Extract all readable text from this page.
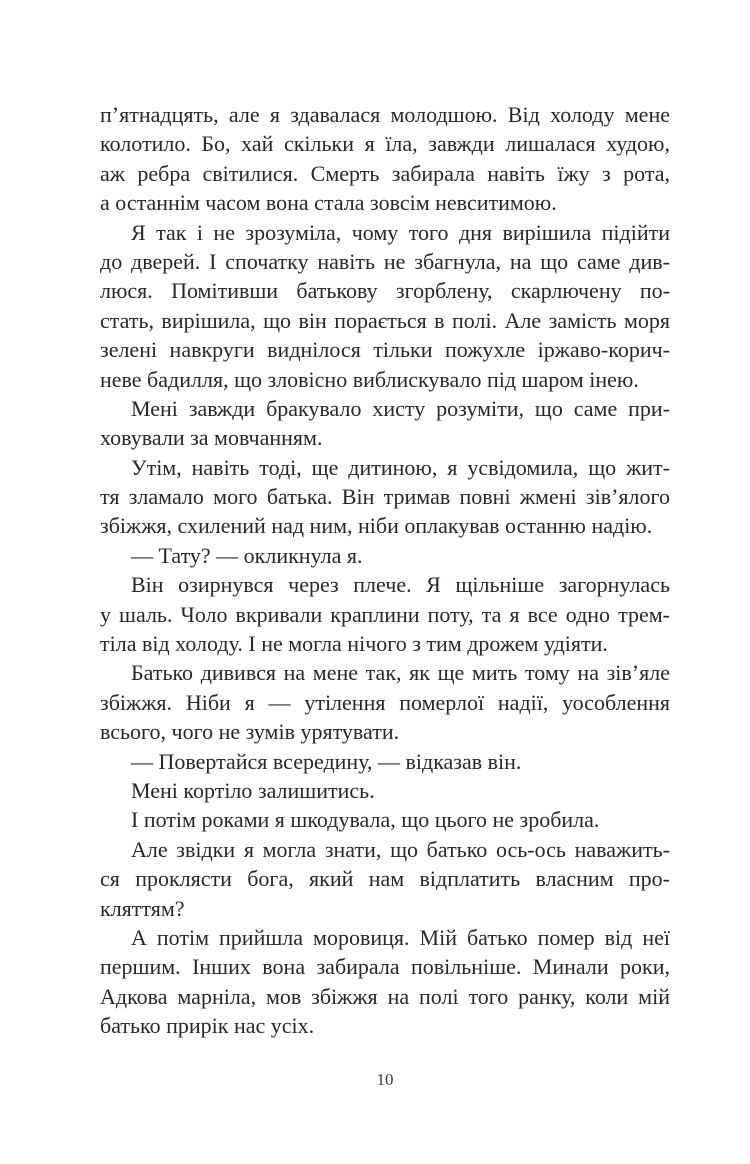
п’ятнадцять, але я здавалася молодшою. Від холоду мене
колотило. Бо, хай скільки я їла, завжди лишалася худою,
аж ребра світилися. Смерть забирала навіть їжу з рота,
а останнім часом вона стала зовсім невситимою.
Я так і не зрозуміла, чому того дня вирішила підійти
до дверей. І спочатку навіть не збагнула, на що саме див-
люся. Помітивши батькову згорблену, скарлючену по-
стать, вирішила, що він порається в полі. Але замість моря
зелені навкруги виднілося тільки пожухле іржаво-корич-
неве бадилля, що зловісно виблискувало під шаром інею.
Мені завжди бракувало хисту розуміти, що саме при-
ховували за мовчанням.
Утім, навіть тоді, ще дитиною, я усвідомила, що жит-
тя зламало мого батька. Він тримав повні жмені зів’ялого
збіжжя, схилений над ним, ніби оплакував останню надію.
— Тату? — окликнула я.
Він озирнувся через плече. Я щільніше загорнулась
у шаль. Чоло вкривали краплини поту, та я все одно трем-
тіла від холоду. І не могла нічого з тим дрожем удіяти.
Батько дивився на мене так, як ще мить тому на зів’яле
збіжжя. Ніби я — утілення померлої надії, уособлення
всього, чого не зумів урятувати.
— Повертайся всередину, — відказав він.
Мені кортіло залишитись.
І потім роками я шкодувала, що цього не зробила.
Але звідки я могла знати, що батько ось-ось наважить-
ся проклясти бога, який нам відплатить власним про-
кляттям?
А потім прийшла моровиця. Мій батько помер від неї
першим. Інших вона забирала повільніше. Минали роки,
Адкова марніла, мов збіжжя на полі того ранку, коли мій
батько прирік нас усіх.
10
